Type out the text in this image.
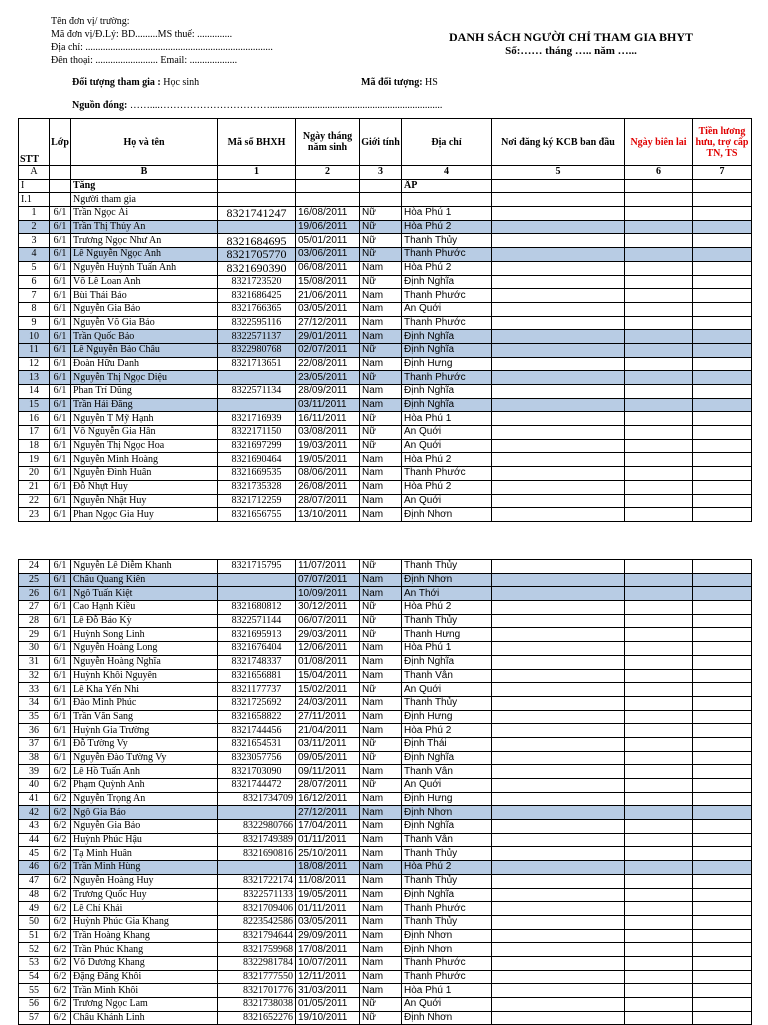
Tên đơn vị/ trường:
Mã đơn vị/Đ.Lý: BD.........MS thuế: ..............
Địa chỉ: ...........................................................................
Đên thoại: ......................... Email: ...................
DANH SÁCH NGƯỜI CHỈ THAM GIA BHYT
Số:…… tháng ….. năm …...
Đối tượng tham gia : Học sinh	Mã đối tượng: HS
Nguồn đóng: ……....…………………………….....................................................................
STT	Lớp	Họ và tên	Mã số BHXH	Ngày tháng năm sinh	Giới tính	Địa chỉ	Nơi đăng ký KCB ban đầu	Ngày biên lai	Tiền lương hưu, trợ cấp TN, TS
A		B	1	2	3	4	5	6	7
I		Tăng				ẤP			
I.1		Người tham gia							
1	6/1	Trần Ngọc Ái	8321741247	16/08/2011	Nữ	Hòa Phú 1			
2	6/1	Trần Thị Thủy An		19/06/2011	Nữ	Hòa Phú 2			
3	6/1	Trương Ngọc Như An	8321684695	05/01/2011	Nữ	Thanh Thủy			
4	6/1	Lê Nguyễn Ngọc Anh	8321705770	03/06/2011	Nữ	Thanh Phước			
5	6/1	Nguyễn Huỳnh Tuấn Anh	8321690390	06/08/2011	Nam	Hòa Phú 2			
6	6/1	Võ Lê Loan Anh	8321723520	15/08/2011	Nữ	Định Nghĩa			
7	6/1	Bùi Thái Bảo	8321686425	21/06/2011	Nam	Thanh Phước			
8	6/1	Nguyễn Gia Bảo	8321766365	03/05/2011	Nam	An Quới			
9	6/1	Nguyễn Võ Gia Bảo	8322595116	27/12/2011	Nam	Thanh Phước			
10	6/1	Trần Quốc Bảo	8322571137	29/01/2011	Nam	Định Nghĩa			
11	6/1	Lê Nguyễn Bảo Châu	8322980768	02/07/2011	Nữ	Định Nghĩa			
12	6/1	Đoàn Hữu Danh	8321713651	22/08/2011	Nam	Định Hưng			
13	6/1	Nguyễn Thị Ngọc Diệu		23/05/2011	Nữ	Thanh Phước			
14	6/1	Phan Trí Dũng	8322571134	28/09/2011	Nam	Định Nghĩa			
15	6/1	Trần Hải Đăng		03/11/2011	Nam	Định Nghĩa			
16	6/1	Nguyễn T Mỹ Hạnh	8321716939	16/11/2011	Nữ	Hòa Phú 1			
17	6/1	Võ Nguyễn Gia Hân	8322171150	03/08/2011	Nữ	An Quới			
18	6/1	Nguyễn Thị Ngọc Hoa	8321697299	19/03/2011	Nữ	An Quới			
19	6/1	Nguyễn Minh Hoàng	8321690464	19/05/2011	Nam	Hòa Phú 2			
20	6/1	Nguyễn Đình Huân	8321669535	08/06/2011	Nam	Thanh Phước			
21	6/1	Đỗ Nhựt Huy	8321735328	26/08/2011	Nam	Hòa Phú 2			
22	6/1	Nguyễn Nhật Huy	8321712259	28/07/2011	Nam	An Quới			
23	6/1	Phan Ngọc Gia Huy	8321656755	13/10/2011	Nam	Định Nhơn			
24	6/1	Nguyễn Lê Diễm Khanh	8321715795	11/07/2011	Nữ	Thanh Thủy			
25	6/1	Châu Quang Kiên		07/07/2011	Nam	Định Nhơn			
26	6/1	Ngô Tuấn Kiệt		10/09/2011	Nam	An Thới			
27	6/1	Cao Hạnh Kiều	8321680812	30/12/2011	Nữ	Hòa Phú 2			
28	6/1	Lê Đỗ Bảo Kỳ	8322571144	06/07/2011	Nữ	Thanh Thủy			
29	6/1	Huỳnh Song Linh	8321695913	29/03/2011	Nữ	Thanh Hưng			
30	6/1	Nguyễn Hoàng Long	8321676404	12/06/2011	Nam	Hòa Phú 1			
31	6/1	Nguyễn Hoàng Nghĩa	8321748337	01/08/2011	Nam	Định Nghĩa			
32	6/1	Huỳnh Khôi Nguyên	8321656881	15/04/2011	Nam	Thanh Vân			
33	6/1	Lê Kha Yến Nhi	8321177737	15/02/2011	Nữ	An Quới			
34	6/1	Đào Minh Phúc	8321725692	24/03/2011	Nam	Thanh Thủy			
35	6/1	Trần Văn Sang	8321658822	27/11/2011	Nam	Định Hưng			
36	6/1	Huỳnh Gia Trường	8321744456	21/04/2011	Nam	Hòa Phú 2			
37	6/1	Đỗ Tường Vy	8321654531	03/11/2011	Nữ	Định Thái			
38	6/1	Nguyễn Đào Tường Vy	8323057756	09/05/2011	Nữ	Định Nghĩa			
39	6/2	Lê Hồ Tuấn Anh	8321703090	09/11/2011	Nam	Thanh Vân			
40	6/2	Phạm Quỳnh Anh	8321744472	28/07/2011	Nữ	An Quới			
41	6/2	Nguyễn Trọng An	8321734709	16/12/2011	Nam	Định Hưng			
42	6/2	Ngô Gia Bảo		27/12/2011	Nam	Định Nhơn			
43	6/2	Nguyễn Gia Bảo	8322980766	17/04/2011	Nam	Định Nghĩa			
44	6/2	Huỳnh Phúc Hậu	8321749389	01/11/2011	Nam	Thanh Vân			
45	6/2	Tạ Minh Huân	8321690816	25/10/2011	Nam	Thanh Thủy			
46	6/2	Trần Minh Hùng		18/08/2011	Nam	Hòa Phú 2			
47	6/2	Nguyễn Hoàng Huy	8321722174	11/08/2011	Nam	Thanh Thủy			
48	6/2	Trương Quốc Huy	8322571133	19/05/2011	Nam	Định Nghĩa			
49	6/2	Lê Chí Khải	8321709406	01/11/2011	Nam	Thanh Phước			
50	6/2	Huỳnh Phúc Gia Khang	8223542586	03/05/2011	Nam	Thanh Thủy			
51	6/2	Trần Hoàng Khang	8321794644	29/09/2011	Nam	Định Nhơn			
52	6/2	Trần Phúc Khang	8321759968	17/08/2011	Nam	Định Nhơn			
53	6/2	Võ Dương Khang	8322981784	10/07/2011	Nam	Thanh Phước			
54	6/2	Đặng Đăng Khôi	8321777550	12/11/2011	Nam	Thanh Phước			
55	6/2	Trần Minh Khôi	8321701776	31/03/2011	Nam	Hòa Phú 1			
56	6/2	Trương Ngọc Lam	8321738038	01/05/2011	Nữ	An Quới			
57	6/2	Châu Khánh Linh	8321652276	19/10/2011	Nữ	Định Nhơn			
